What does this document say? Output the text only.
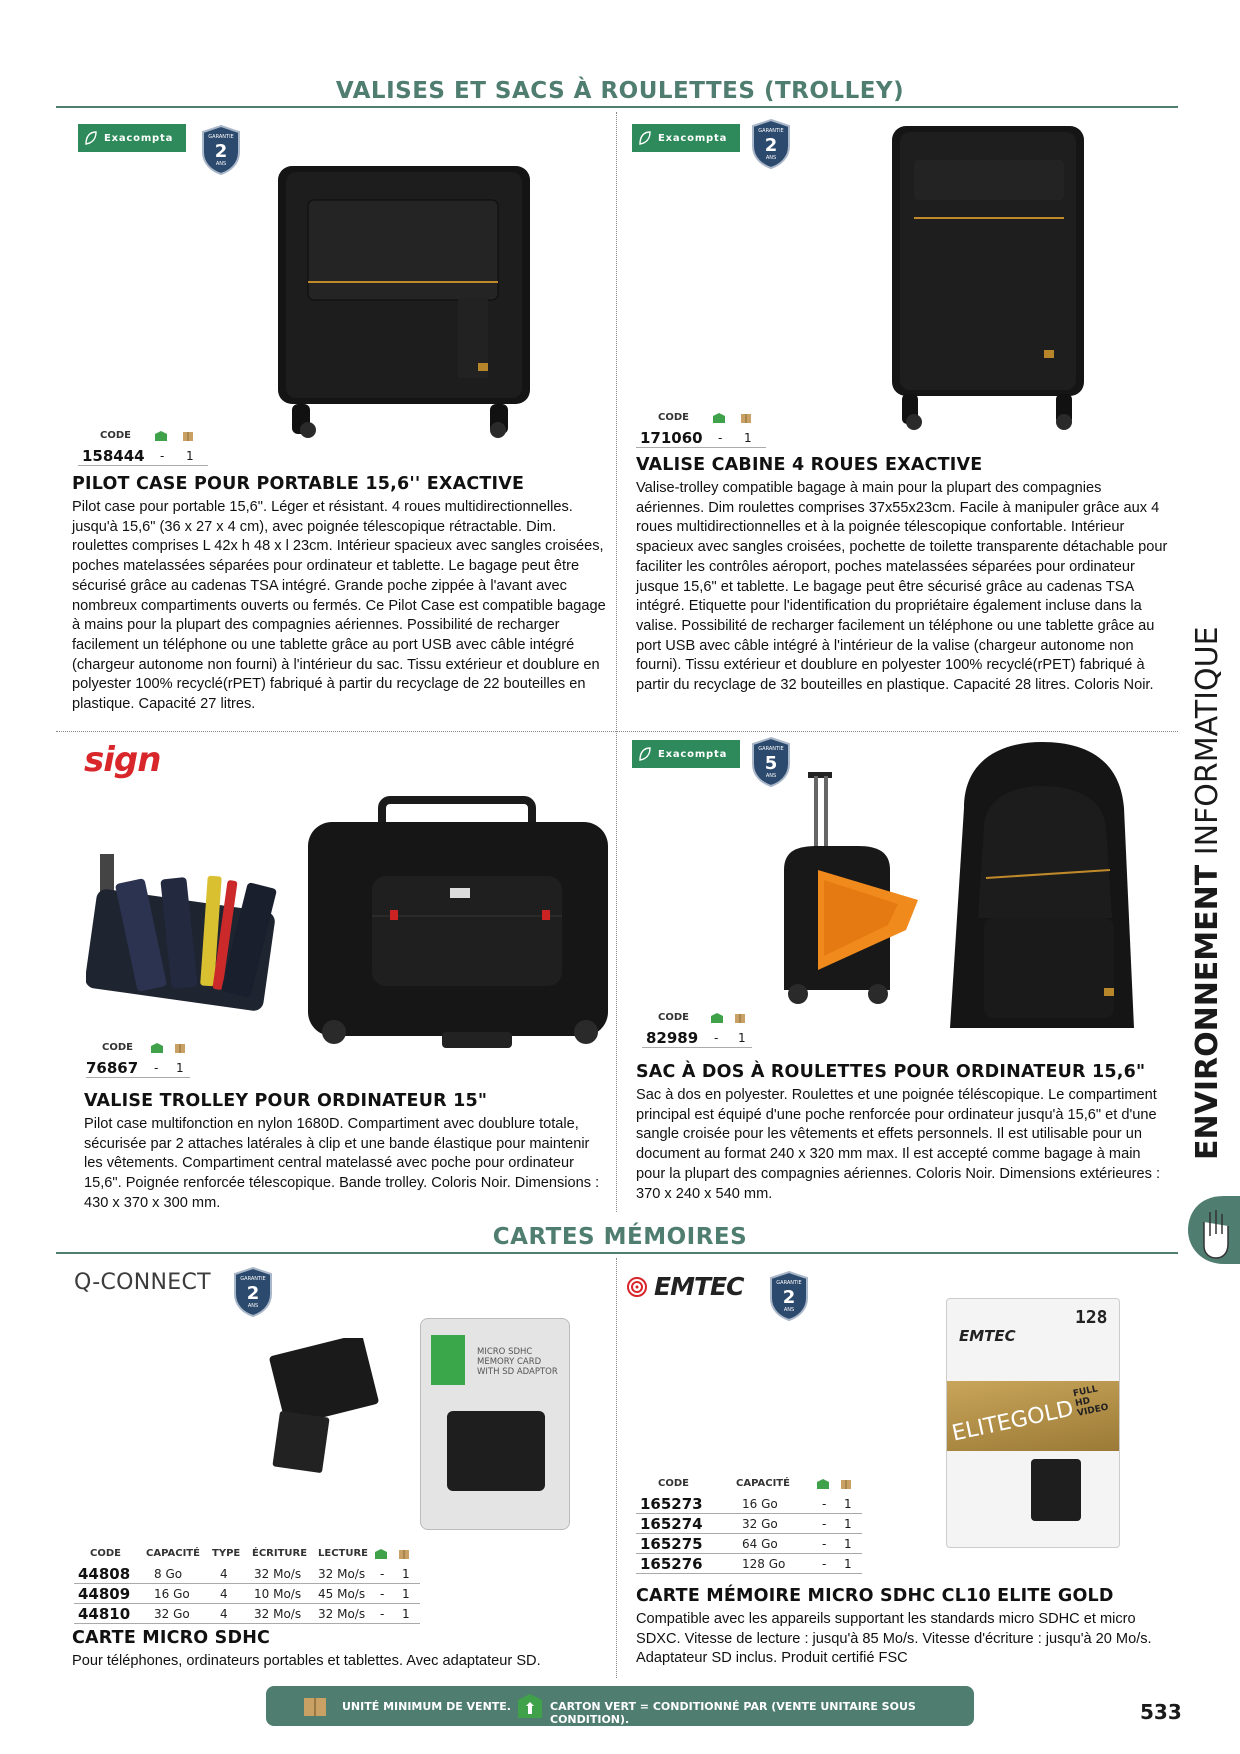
VALISES ET SACS À ROULETTES (TROLLEY)
Exacompta	GARANTIE
2
ANS
CODE
158444 - 1
PILOT CASE POUR PORTABLE 15,6'' EXACTIVE
Pilot case pour portable 15,6". Léger et résistant. 4 roues multidirectionnelles. jusqu'à 15,6" (36 x 27 x 4 cm), avec poignée télescopique rétractable. Dim. roulettes comprises L 42x h 48 x l 23cm. Intérieur spacieux avec sangles croisées, poches matelassées séparées pour ordinateur et tablette. Le bagage peut être sécurisé grâce au cadenas TSA intégré. Grande poche zippée à l'avant avec nombreux compartiments ouverts ou fermés. Ce Pilot Case est compatible bagage à mains pour la plupart des compagnies aériennes. Possibilité de recharger facilement un téléphone ou une tablette grâce au port USB avec câble intégré (chargeur autonome non fourni) à l'intérieur du sac. Tissu extérieur et doublure en polyester 100% recyclé(rPET) fabriqué à partir du recyclage de 22 bouteilles en plastique. Capacité 27 litres.
Exacompta
GARANTIE
2
ANS
CODE
171060 - 1
VALISE CABINE 4 ROUES EXACTIVE
Valise-trolley compatible bagage à main pour la plupart des compagnies aériennes. Dim roulettes comprises 37x55x23cm. Facile à manipuler grâce aux 4 roues multidirectionnelles et à la poignée télescopique confortable. Intérieur spacieux avec sangles croisées, pochette de toilette transparente détachable pour faciliter les contrôles aéroport, poches matelassées séparées pour ordinateur jusque 15,6" et tablette. Le bagage peut être sécurisé grâce au cadenas TSA intégré. Etiquette pour l'identification du propriétaire également incluse dans la valise. Possibilité de recharger facilement un téléphone ou une tablette grâce au port USB avec câble intégré à l'intérieur de la valise (chargeur autonome non fourni). Tissu extérieur et doublure en polyester 100% recyclé(rPET) fabriqué à partir du recyclage de 32 bouteilles en plastique. Capacité 28 litres. Coloris Noir.
sign
CODE
76867 - 1
VALISE TROLLEY POUR ORDINATEUR 15"
Pilot case multifonction en nylon 1680D. Compartiment avec doublure totale, sécurisée par 2 attaches latérales à clip et une bande élastique pour maintenir les vêtements. Compartiment central matelassé avec poche pour ordinateur 15,6". Poignée renforcée télescopique. Bande trolley. Coloris Noir. Dimensions : 430 x 370 x 300 mm.
Exacompta	GARANTIE
5
ANS
CODE
82989 - 1
SAC À DOS À ROULETTES POUR ORDINATEUR 15,6"
Sac à dos en polyester. Roulettes et une poignée téléscopique. Le compartiment principal est équipé d'une poche renforcée pour ordinateur jusqu'à 15,6" et d'une sangle croisée pour les vêtements et effets personnels. Il est utilisable pour un document au format 240 x 320 mm max. Il est accepté comme bagage à main pour la plupart des compagnies aériennes. Coloris Noir. Dimensions extérieures : 370 x 240 x 540 mm.
CARTES MÉMOIRES
Q-CONNECT	GARANTIE
2
ANS
MICRO SDHC MEMORY CARD WITH SD ADAPTOR
CODE	CAPACITÉ TYPE ÉCRITURE LECTURE
44808 8 Go	4 32 Mo/s 32 Mo/s - 1
44809 16 Go	4 10 Mo/s 45 Mo/s - 1
44810 32 Go	4 32 Mo/s 32 Mo/s - 1
CARTE MICRO SDHC
Pour téléphones, ordinateurs portables et tablettes. Avec adaptateur SD.
EMTEC	GARANTIE
2
ANS
EMTEC
128
ELITEGOLD
FULL HD VIDEO
CODE	CAPACITÉ
165273	16 Go	- 1
165274	32 Go	- 1
165275	64 Go	- 1
165276	128 Go	- 1
CARTE MÉMOIRE MICRO SDHC CL10 ELITE GOLD
Compatible avec les appareils supportant les standards micro SDHC et micro SDXC. Vitesse de lecture : jusqu'à 85 Mo/s. Vitesse d'écriture : jusqu'à 20 Mo/s. Adaptateur SD inclus. Produit certifié FSC
ENVIRONNEMENT INFORMATIQUE
UNITÉ MINIMUM DE VENTE.	CARTON VERT = CONDITIONNÉ PAR (VENTE UNITAIRE SOUS CONDITION).	533
